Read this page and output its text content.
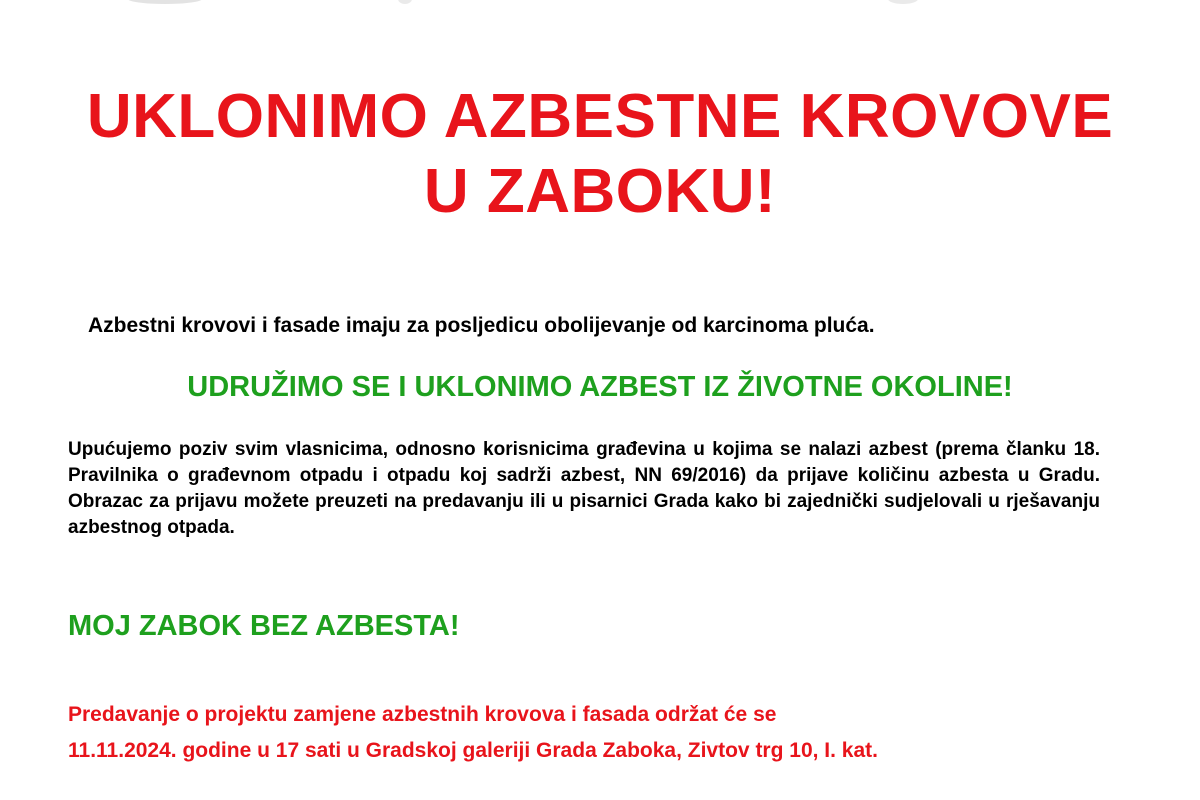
UKLONIMO AZBESTNE KROVOVE
U ZABOKU!

Azbestni krovovi i fasade imaju za posljedicu obolijevanje od karcinoma pluća.

UDRUŽIMO SE I UKLONIMO AZBEST IZ ŽIVOTNE OKOLINE!

Upućujemo poziv svim vlasnicima, odnosno korisnicima građevina u kojima se nalazi azbest (prema članku 18. Pravilnika o građevnom otpadu i otpadu koj sadrži azbest, NN 69/2016) da prijave količinu azbesta u Gradu. Obrazac za prijavu možete preuzeti na predavanju ili u pisarnici Grada kako bi zajednički sudjelovali u rješavanju azbestnog otpada.

MOJ ZABOK BEZ AZBESTA!

Predavanje o projektu zamjene azbestnih krovova i fasada održat će se

11.11.2024. godine u 17 sati u Gradskoj galeriji Grada Zaboka, Zivtov trg 10, I. kat.
